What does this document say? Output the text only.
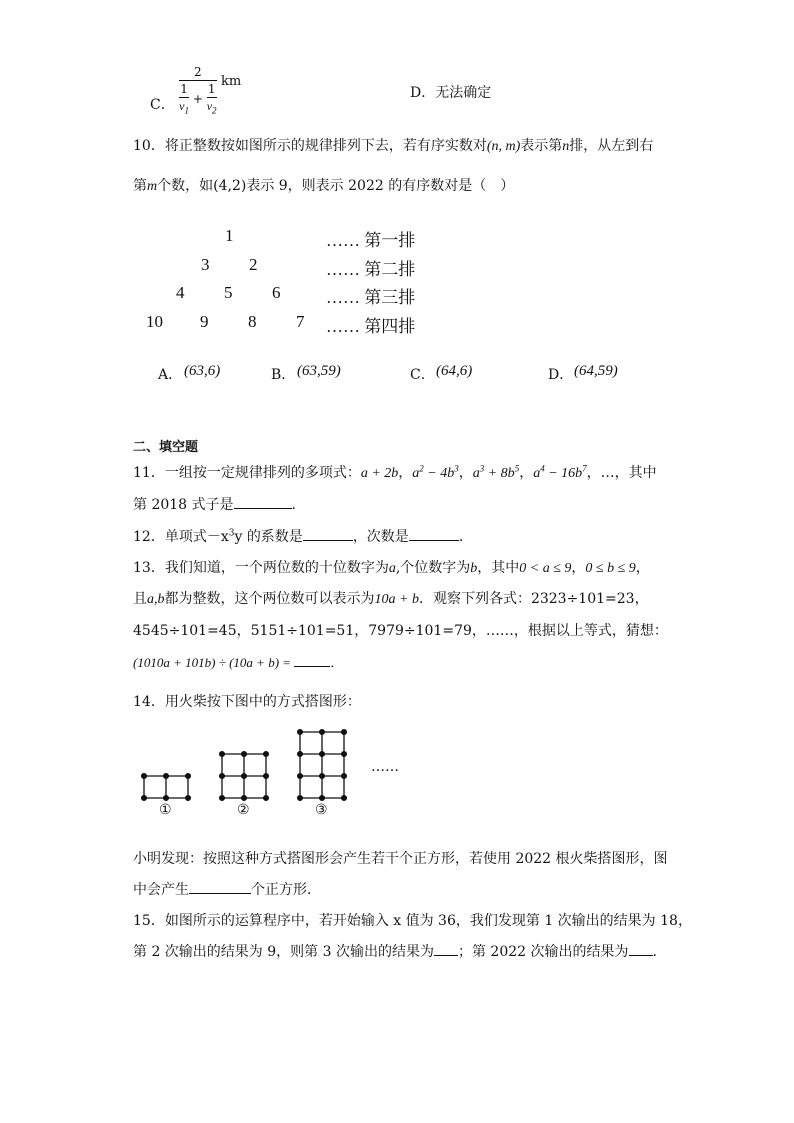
C． $\frac{2}{\frac{1}{v_1} + \frac{1}{v_2}}$ km
D．无法确定
10．将正整数按如图所示的规律排列下去，若有序实数对(n, m)表示第n排，从左到右
第m个数，如(4,2)表示 9，则表示 2022 的有序数对是（　）
1
3 2
4 5 6
10 9 8 7
…… 第一排
…… 第二排
…… 第三排
…… 第四排
A． (63,6)	B． (63,59)	C． (64,6)	D． (64,59)
二、填空题
11．一组按一定规律排列的多项式：a + 2b，$a^2 - 4b^3$，$a^3 + 8b^5$，$a^4 - 16b^7$，…，其中
第 2018 式子是	.
12．单项式$-x^3y$ 的系数是	，次数是	.
13．我们知道，一个两位数的十位数字为a,个位数字为b，其中0 < a ≤ 9，0 ≤ b ≤ 9，
且a,b都为整数，这个两位数可以表示为10a + b．观察下列各式：2323÷101=23，
4545÷101=45，5151÷101=51，7979÷101=79，……，根据以上等式，猜想：
(1010a + 101b) ÷ (10a + b) =	．
14．用火柴按下图中的方式搭图形：
①	②	③
……
小明发现：按照这种方式搭图形会产生若干个正方形，若使用 2022 根火柴搭图形，图
中会产生	个正方形．
15．如图所示的运算程序中，若开始输入 x 值为 36，我们发现第 1 次输出的结果为 18，
第 2 次输出的结果为 9，则第 3 次输出的结果为 ；第 2022 次输出的结果为 .
